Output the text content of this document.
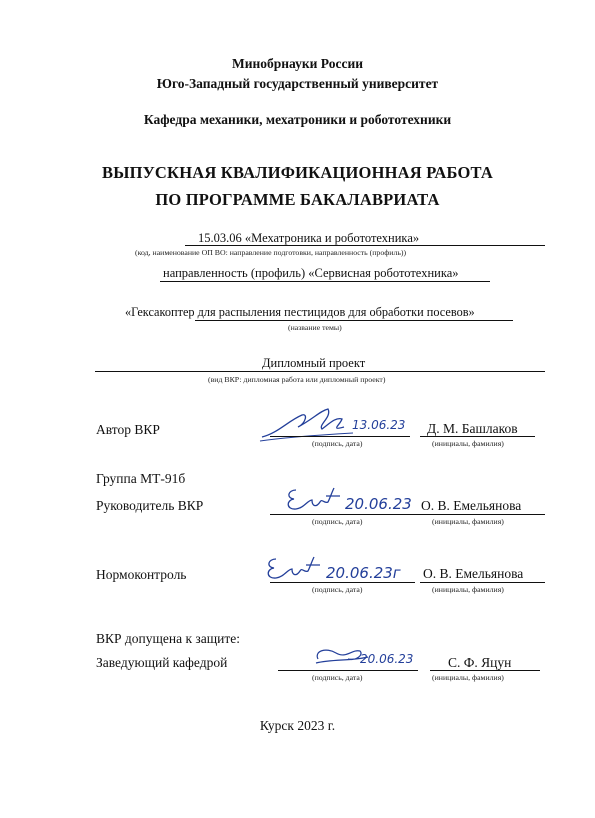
Минобрнауки России
Юго-Западный государственный университет
Кафедра механики, мехатроники и робототехники
ВЫПУСКНАЯ КВАЛИФИКАЦИОННАЯ РАБОТА
ПО ПРОГРАММЕ БАКАЛАВРИАТА
15.03.06 «Мехатроника и робототехника»
(код, наименование ОП ВО: направление подготовки, направленность (профиль))
направленность (профиль) «Сервисная робототехника»
«Гексакоптер для распыления пестицидов для обработки посевов»
(название темы)
Дипломный проект
(вид ВКР: дипломная работа или дипломный проект)
Автор ВКР	13.06.23
(подпись, дата)
Д. М. Башлаков
(инициалы, фамилия)
Группа МТ-91б
Руководитель ВКР	20.06.23
(подпись, дата)
О. В. Емельянова
(инициалы, фамилия)
Нормоконтроль	20.06.23г
(подпись, дата)
О. В. Емельянова
(инициалы, фамилия)
ВКР допущена к защите:
Заведующий кафедрой	20.06.23
(подпись, дата)
С. Ф. Яцун
(инициалы, фамилия)
Курск 2023 г.
